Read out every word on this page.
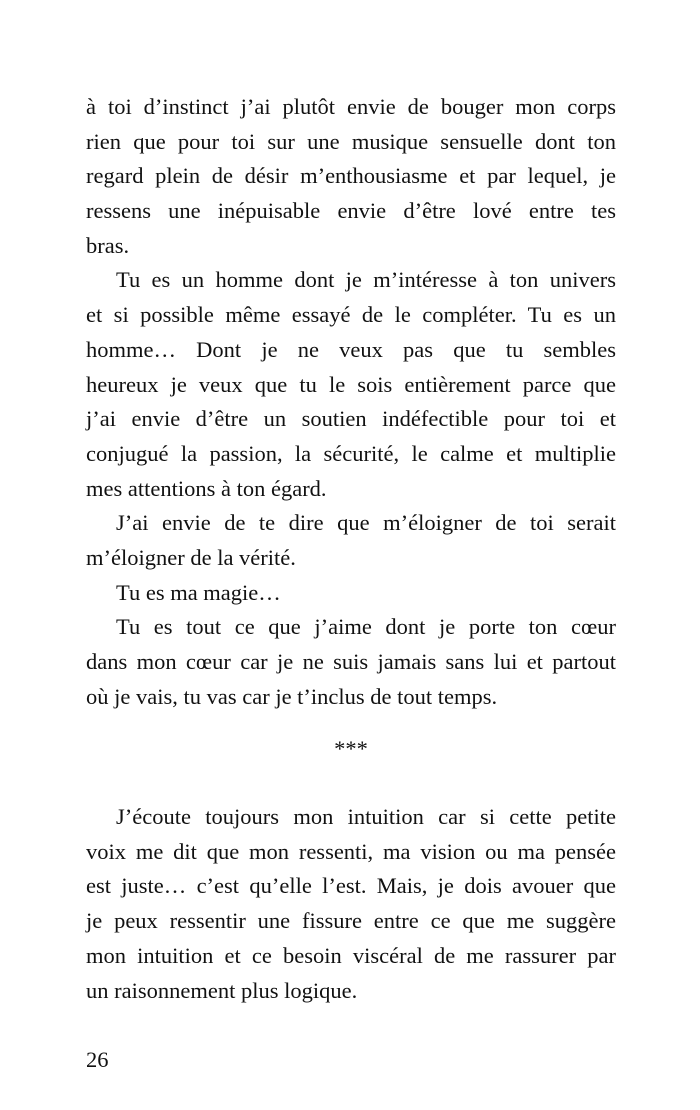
à toi d’instinct j’ai plutôt envie de bouger mon corps
rien que pour toi sur une musique sensuelle dont ton
regard plein de désir m’enthousiasme et par lequel, je
ressens une inépuisable envie d’être lové entre tes
bras.
Tu es un homme dont je m’intéresse à ton univers
et si possible même essayé de le compléter. Tu es un
homme… Dont je ne veux pas que tu sembles
heureux je veux que tu le sois entièrement parce que
j’ai envie d’être un soutien indéfectible pour toi et
conjugué la passion, la sécurité, le calme et multiplie
mes attentions à ton égard.
J’ai envie de te dire que m’éloigner de toi serait
m’éloigner de la vérité.
Tu es ma magie…
Tu es tout ce que j’aime dont je porte ton cœur
dans mon cœur car je ne suis jamais sans lui et partout
où je vais, tu vas car je t’inclus de tout temps.
***
J’écoute toujours mon intuition car si cette petite
voix me dit que mon ressenti, ma vision ou ma pensée
est juste… c’est qu’elle l’est. Mais, je dois avouer que
je peux ressentir une fissure entre ce que me suggère
mon intuition et ce besoin viscéral de me rassurer par
un raisonnement plus logique.
26
